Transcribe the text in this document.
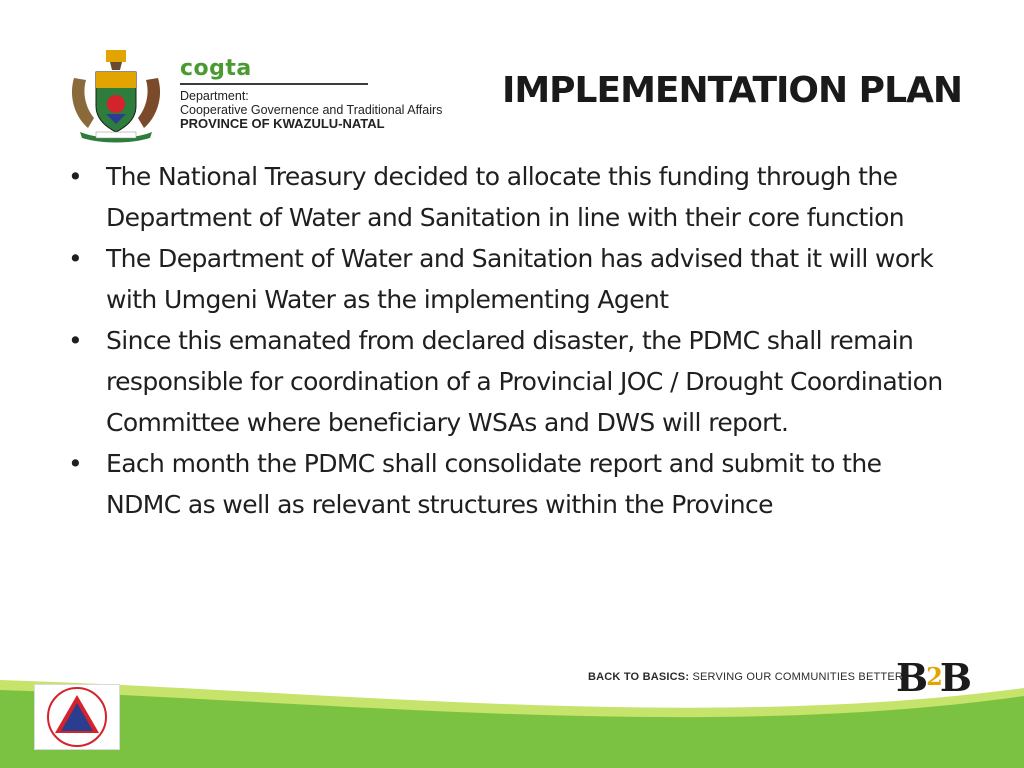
cogta
Department:
Cooperative Governence and Traditional Affairs
PROVINCE OF KWAZULU-NATAL
IMPLEMENTATION PLAN
• The National Treasury decided to allocate this funding through the Department of Water and Sanitation in line with their core function
• The Department of Water and Sanitation has advised that it will work with Umgeni Water as the implementing Agent
• Since this emanated from declared disaster, the PDMC shall remain responsible for coordination of a Provincial JOC / Drought Coordination Committee where beneficiary WSAs and DWS will report.
• Each month the PDMC shall consolidate report and submit to the NDMC as well as relevant structures within the Province
BACK TO BASICS: SERVING OUR COMMUNITIES BETTER
B2B
